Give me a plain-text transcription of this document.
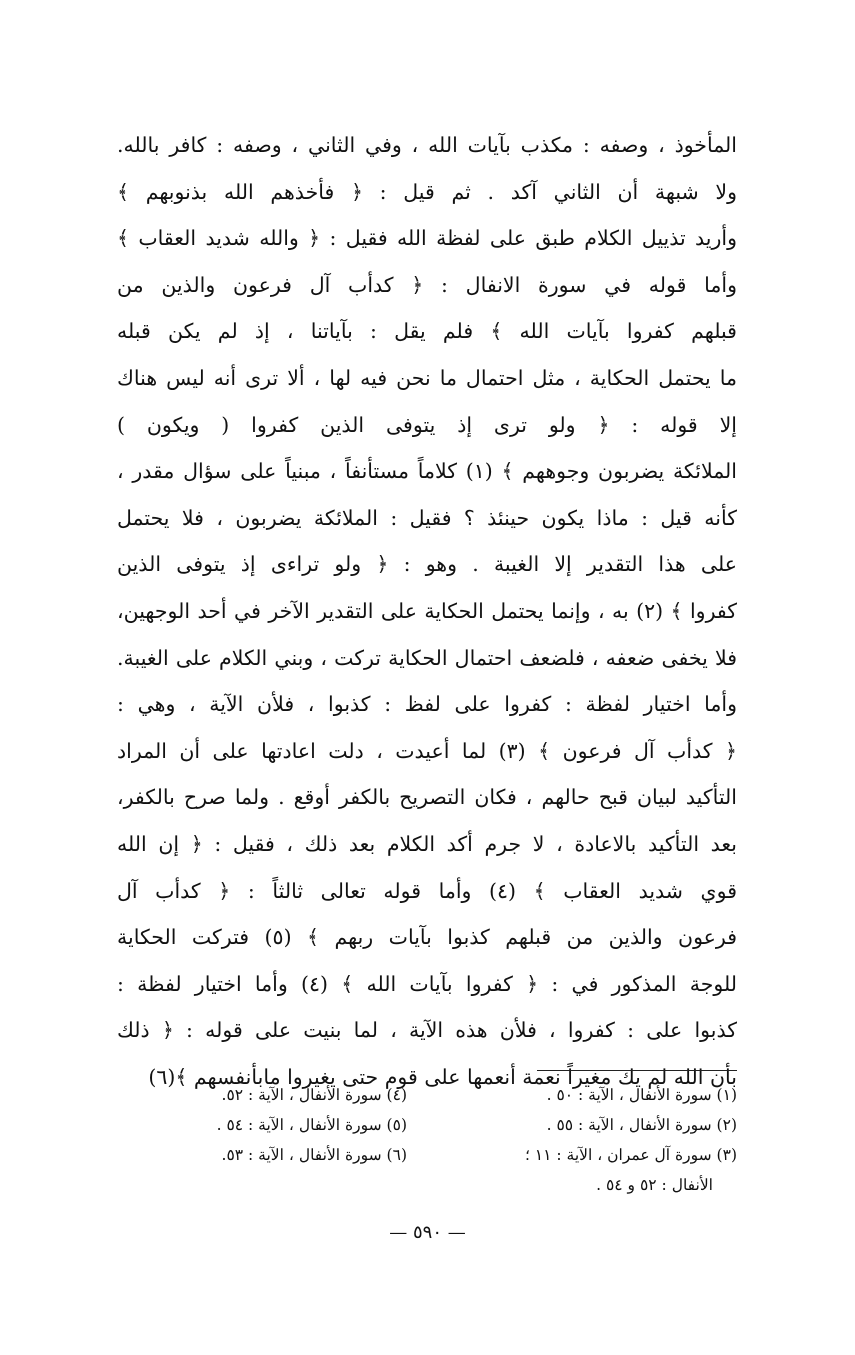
المأخوذ ، وصفه : مكذب بآيات الله ، وفي الثاني ، وصفه : كافر بالله.
ولا شبهة أن الثاني آكد . ثم قيل : ﴿ فأخذهم الله بذنوبهم ﴾
وأريد تذييل الكلام طبق على لفظة الله فقيل : ﴿ والله شديد العقاب ﴾
وأما قوله في سورة الانفال : ﴿ كدأب آل فرعون والذين من
قبلهم كفروا بآيات الله ﴾ فلم يقل : بآياتنا ، إذ لم يكن قبله
ما يحتمل الحكاية ، مثل احتمال ما نحن فيه لها ، ألا ترى أنه ليس هناك
إلا قوله : ﴿ ولو ترى إذ يتوفى الذين كفروا ( ويكون )
الملائكة يضربون وجوههم ﴾ (١) كلاماً مستأنفاً ، مبنياً على سؤال مقدر ،
كأنه قيل : ماذا يكون حينئذ ؟ فقيل : الملائكة يضربون ، فلا يحتمل
على هذا التقدير إلا الغيبة . وهو : ﴿ ولو تراءى إذ يتوفى الذين
كفروا ﴾ (٢) به ، وإنما يحتمل الحكاية على التقدير الآخر في أحد الوجهين،
فلا يخفى ضعفه ، فلضعف احتمال الحكاية تركت ، وبني الكلام على الغيبة.
وأما اختيار لفظة : كفروا على لفظ : كذبوا ، فلأن الآية ، وهي :
﴿ كدأب آل فرعون ﴾ (٣) لما أعيدت ، دلت اعادتها على أن المراد
التأكيد لبيان قبح حالهم ، فكان التصريح بالكفر أوقع . ولما صرح بالكفر،
بعد التأكيد بالاعادة ، لا جرم أكد الكلام بعد ذلك ، فقيل : ﴿ إن الله
قوي شديد العقاب ﴾ (٤) وأما قوله تعالى ثالثاً : ﴿ كدأب آل
فرعون والذين من قبلهم كذبوا بآيات ربهم ﴾ (٥) فتركت الحكاية
للوجة المذكور في : ﴿ كفروا بآيات الله ﴾ (٤) وأما اختيار لفظة :
كذبوا على : كفروا ، فلأن هذه الآية ، لما بنيت على قوله : ﴿ ذلك
بأن الله لم يك مغيراً نعمة أنعمها على قوم حتى يغيروا مابأنفسهم ﴾(٦)
(١) سورة الأنفال ، الآية : ٥٠ .
(٤) سورة الأنفال ، الآية : ٥٢.
(٢) سورة الأنفال ، الآية : ٥٥ .
(٥) سورة الأنفال ، الآية : ٥٤ .
(٣) سورة آل عمران ، الآية : ١١ ؛
(٦) سورة الأنفال ، الآية : ٥٣.
الأنفال : ٥٢ و ٥٤ .
— ٥٩٠ —
